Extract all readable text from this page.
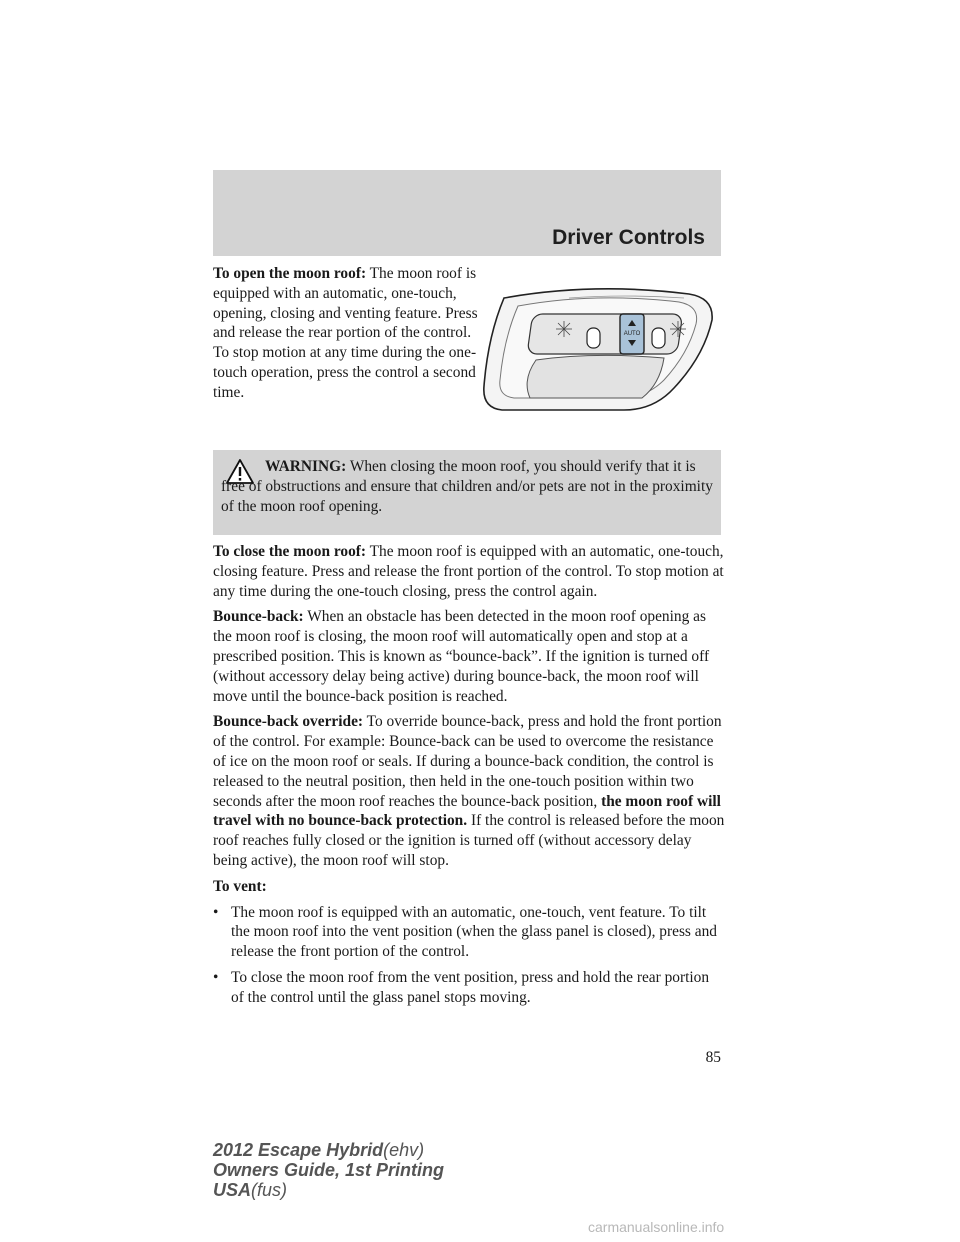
Driver Controls
To open the moon roof: The moon roof is equipped with an automatic, one-touch, opening, closing and venting feature. Press and release the rear portion of the control. To stop motion at any time during the one-touch operation, press the control a second time.
AUTO
WARNING: When closing the moon roof, you should verify that it is free of obstructions and ensure that children and/or pets are not in the proximity of the moon roof opening.

To close the moon roof: The moon roof is equipped with an automatic, one-touch, closing feature. Press and release the front portion of the control. To stop motion at any time during the one-touch closing, press the control again.

Bounce-back: When an obstacle has been detected in the moon roof opening as the moon roof is closing, the moon roof will automatically open and stop at a prescribed position. This is known as “bounce-back”. If the ignition is turned off (without accessory delay being active) during bounce-back, the moon roof will move until the bounce-back position is reached.

Bounce-back override: To override bounce-back, press and hold the front portion of the control. For example: Bounce-back can be used to overcome the resistance of ice on the moon roof or seals. If during a bounce-back condition, the control is released to the neutral position, then held in the one-touch position within two seconds after the moon roof reaches the bounce-back position, the moon roof will travel with no bounce-back protection. If the control is released before the moon roof reaches fully closed or the ignition is turned off (without accessory delay being active), the moon roof will stop.

To vent:

• The moon roof is equipped with an automatic, one-touch, vent feature. To tilt the moon roof into the vent position (when the glass panel is closed), press and release the front portion of the control.
• To close the moon roof from the vent position, press and hold the rear portion of the control until the glass panel stops moving.
85
2012 Escape Hybrid(ehv)
Owners Guide, 1st Printing
USA(fus)
carmanualsonline.info
